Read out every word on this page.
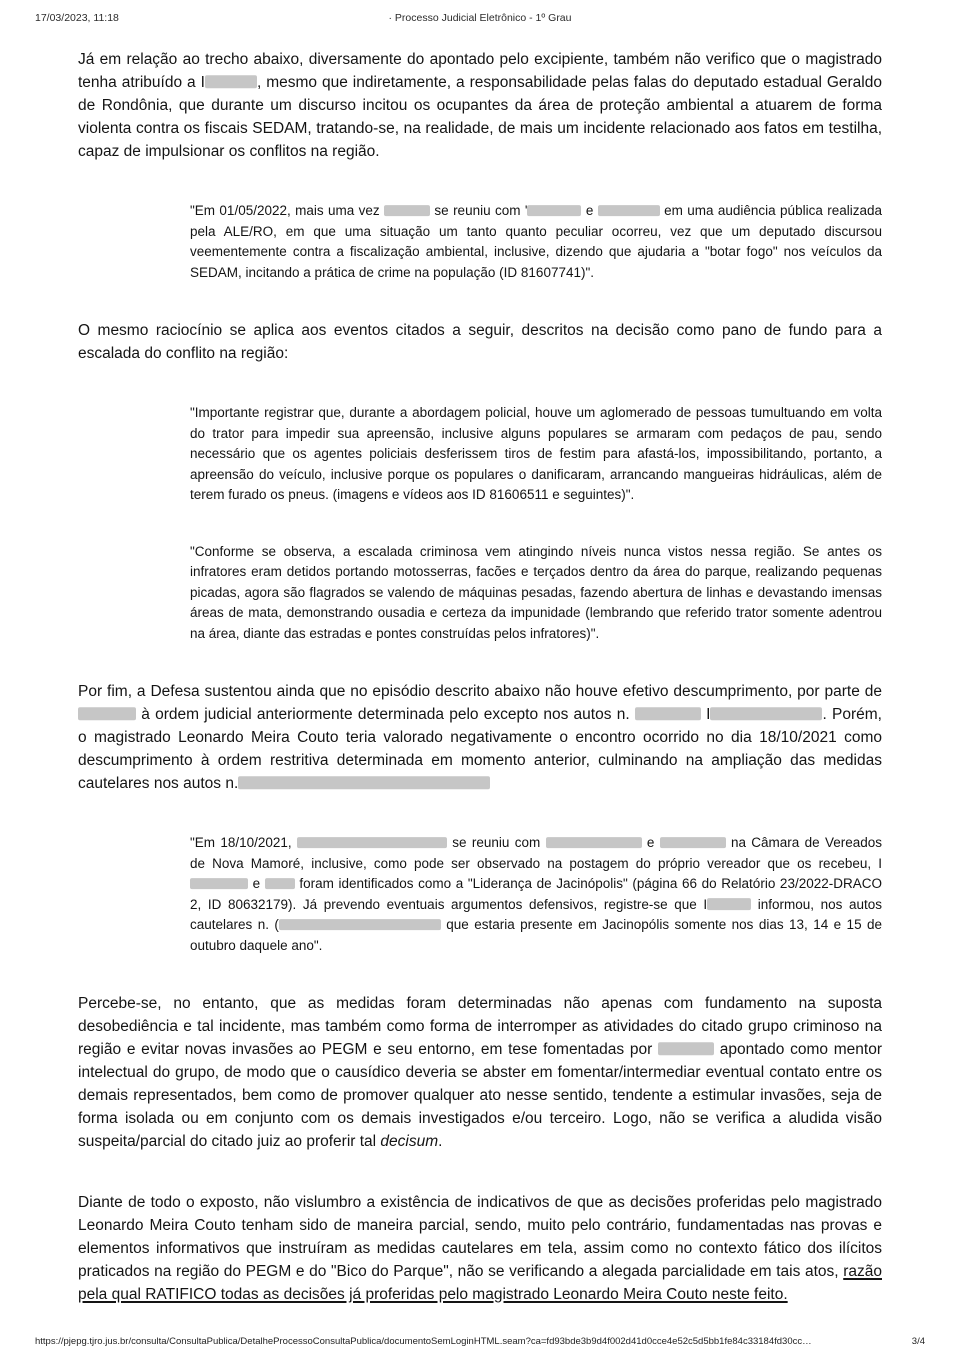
17/03/2023, 11:18	· Processo Judicial Eletrônico - 1º Grau

Já em relação ao trecho abaixo, diversamente do apontado pelo excipiente, também não verifico que o magistrado tenha atribuído a I	, mesmo que indiretamente, a responsabilidade pelas falas do deputado estadual Geraldo de Rondônia, que durante um discurso incitou os ocupantes da área de proteção ambiental a atuarem de forma violenta contra os fiscais SEDAM, tratando-se, na realidade, de mais um incidente relacionado aos fatos em testilha, capaz de impulsionar os conflitos na região.

"Em 01/05/2022, mais uma vez	se reuniu com '	e	em uma audiência pública realizada pela ALE/RO, em que uma situação um tanto quanto peculiar ocorreu, vez que um deputado discursou veementemente contra a fiscalização ambiental, inclusive, dizendo que ajudaria a "botar fogo" nos veículos da SEDAM, incitando a prática de crime na população (ID 81607741)".

O mesmo raciocínio se aplica aos eventos citados a seguir, descritos na decisão como pano de fundo para a escalada do conflito na região:

"Importante registrar que, durante a abordagem policial, houve um aglomerado de pessoas tumultuando em volta do trator para impedir sua apreensão, inclusive alguns populares se armaram com pedaços de pau, sendo necessário que os agentes policiais desferissem tiros de festim para afastá-los, impossibilitando, portanto, a apreensão do veículo, inclusive porque os populares o danificaram, arrancando mangueiras hidráulicas, além de terem furado os pneus. (imagens e vídeos aos ID 81606511 e seguintes)".

"Conforme se observa, a escalada criminosa vem atingindo níveis nunca vistos nessa região. Se antes os infratores eram detidos portando motosserras, facões e terçados dentro da área do parque, realizando pequenas picadas, agora são flagrados se valendo de máquinas pesadas, fazendo abertura de linhas e devastando imensas áreas de mata, demonstrando ousadia e certeza da impunidade (lembrando que referido trator somente adentrou na área, diante das estradas e pontes construídas pelos infratores)".

Por fim, a Defesa sustentou ainda que no episódio descrito abaixo não houve efetivo descumprimento, por parte de  à ordem judicial anteriormente determinada pelo excepto nos autos n.	I	. Porém, o magistrado Leonardo Meira Couto teria valorado negativamente o encontro ocorrido no dia 18/10/2021 como descumprimento à ordem restritiva determinada em momento anterior, culminando na ampliação das medidas cautelares nos autos n.

"Em 18/10/2021,	se reuniu com	e	na Câmara de Vereados de Nova Mamoré, inclusive, como pode ser observado na postagem do próprio vereador que os recebeu, I e  foram identificados como a "Liderança de Jacinópolis" (página 66 do Relatório 23/2022-DRACO 2, ID 80632179). Já prevendo eventuais argumentos defensivos, registre-se que I	informou, nos autos cautelares n. (	que estaria presente em Jacinopólis somente nos dias 13, 14 e 15 de outubro daquele ano".

Percebe-se, no entanto, que as medidas foram determinadas não apenas com fundamento na suposta desobediência e tal incidente, mas também como forma de interromper as atividades do citado grupo criminoso na região e evitar novas invasões ao PEGM e seu entorno, em tese fomentadas por	apontado como mentor intelectual do grupo, de modo que o causídico deveria se abster em fomentar/intermediar eventual contato entre os demais representados, bem como de promover qualquer ato nesse sentido, tendente a estimular invasões, seja de forma isolada ou em conjunto com os demais investigados e/ou terceiro. Logo, não se verifica a aludida visão suspeita/parcial do citado juiz ao proferir tal decisum.

Diante de todo o exposto, não vislumbro a existência de indicativos de que as decisões proferidas pelo magistrado Leonardo Meira Couto tenham sido de maneira parcial, sendo, muito pelo contrário, fundamentadas nas provas e elementos informativos que instruíram as medidas cautelares em tela, assim como no contexto fático dos ilícitos praticados na região do PEGM e do "Bico do Parque", não se verificando a alegada parcialidade em tais atos, razão pela qual RATIFICO todas as decisões já proferidas pelo magistrado Leonardo Meira Couto neste feito.

https://pjepg.tjro.jus.br/consulta/ConsultaPublica/DetalheProcessoConsultaPublica/documentoSemLoginHTML.seam?ca=fd93bde3b9d4f002d41d0cce4e52c5d5bb1fe84c33184fd30cc…	3/4
